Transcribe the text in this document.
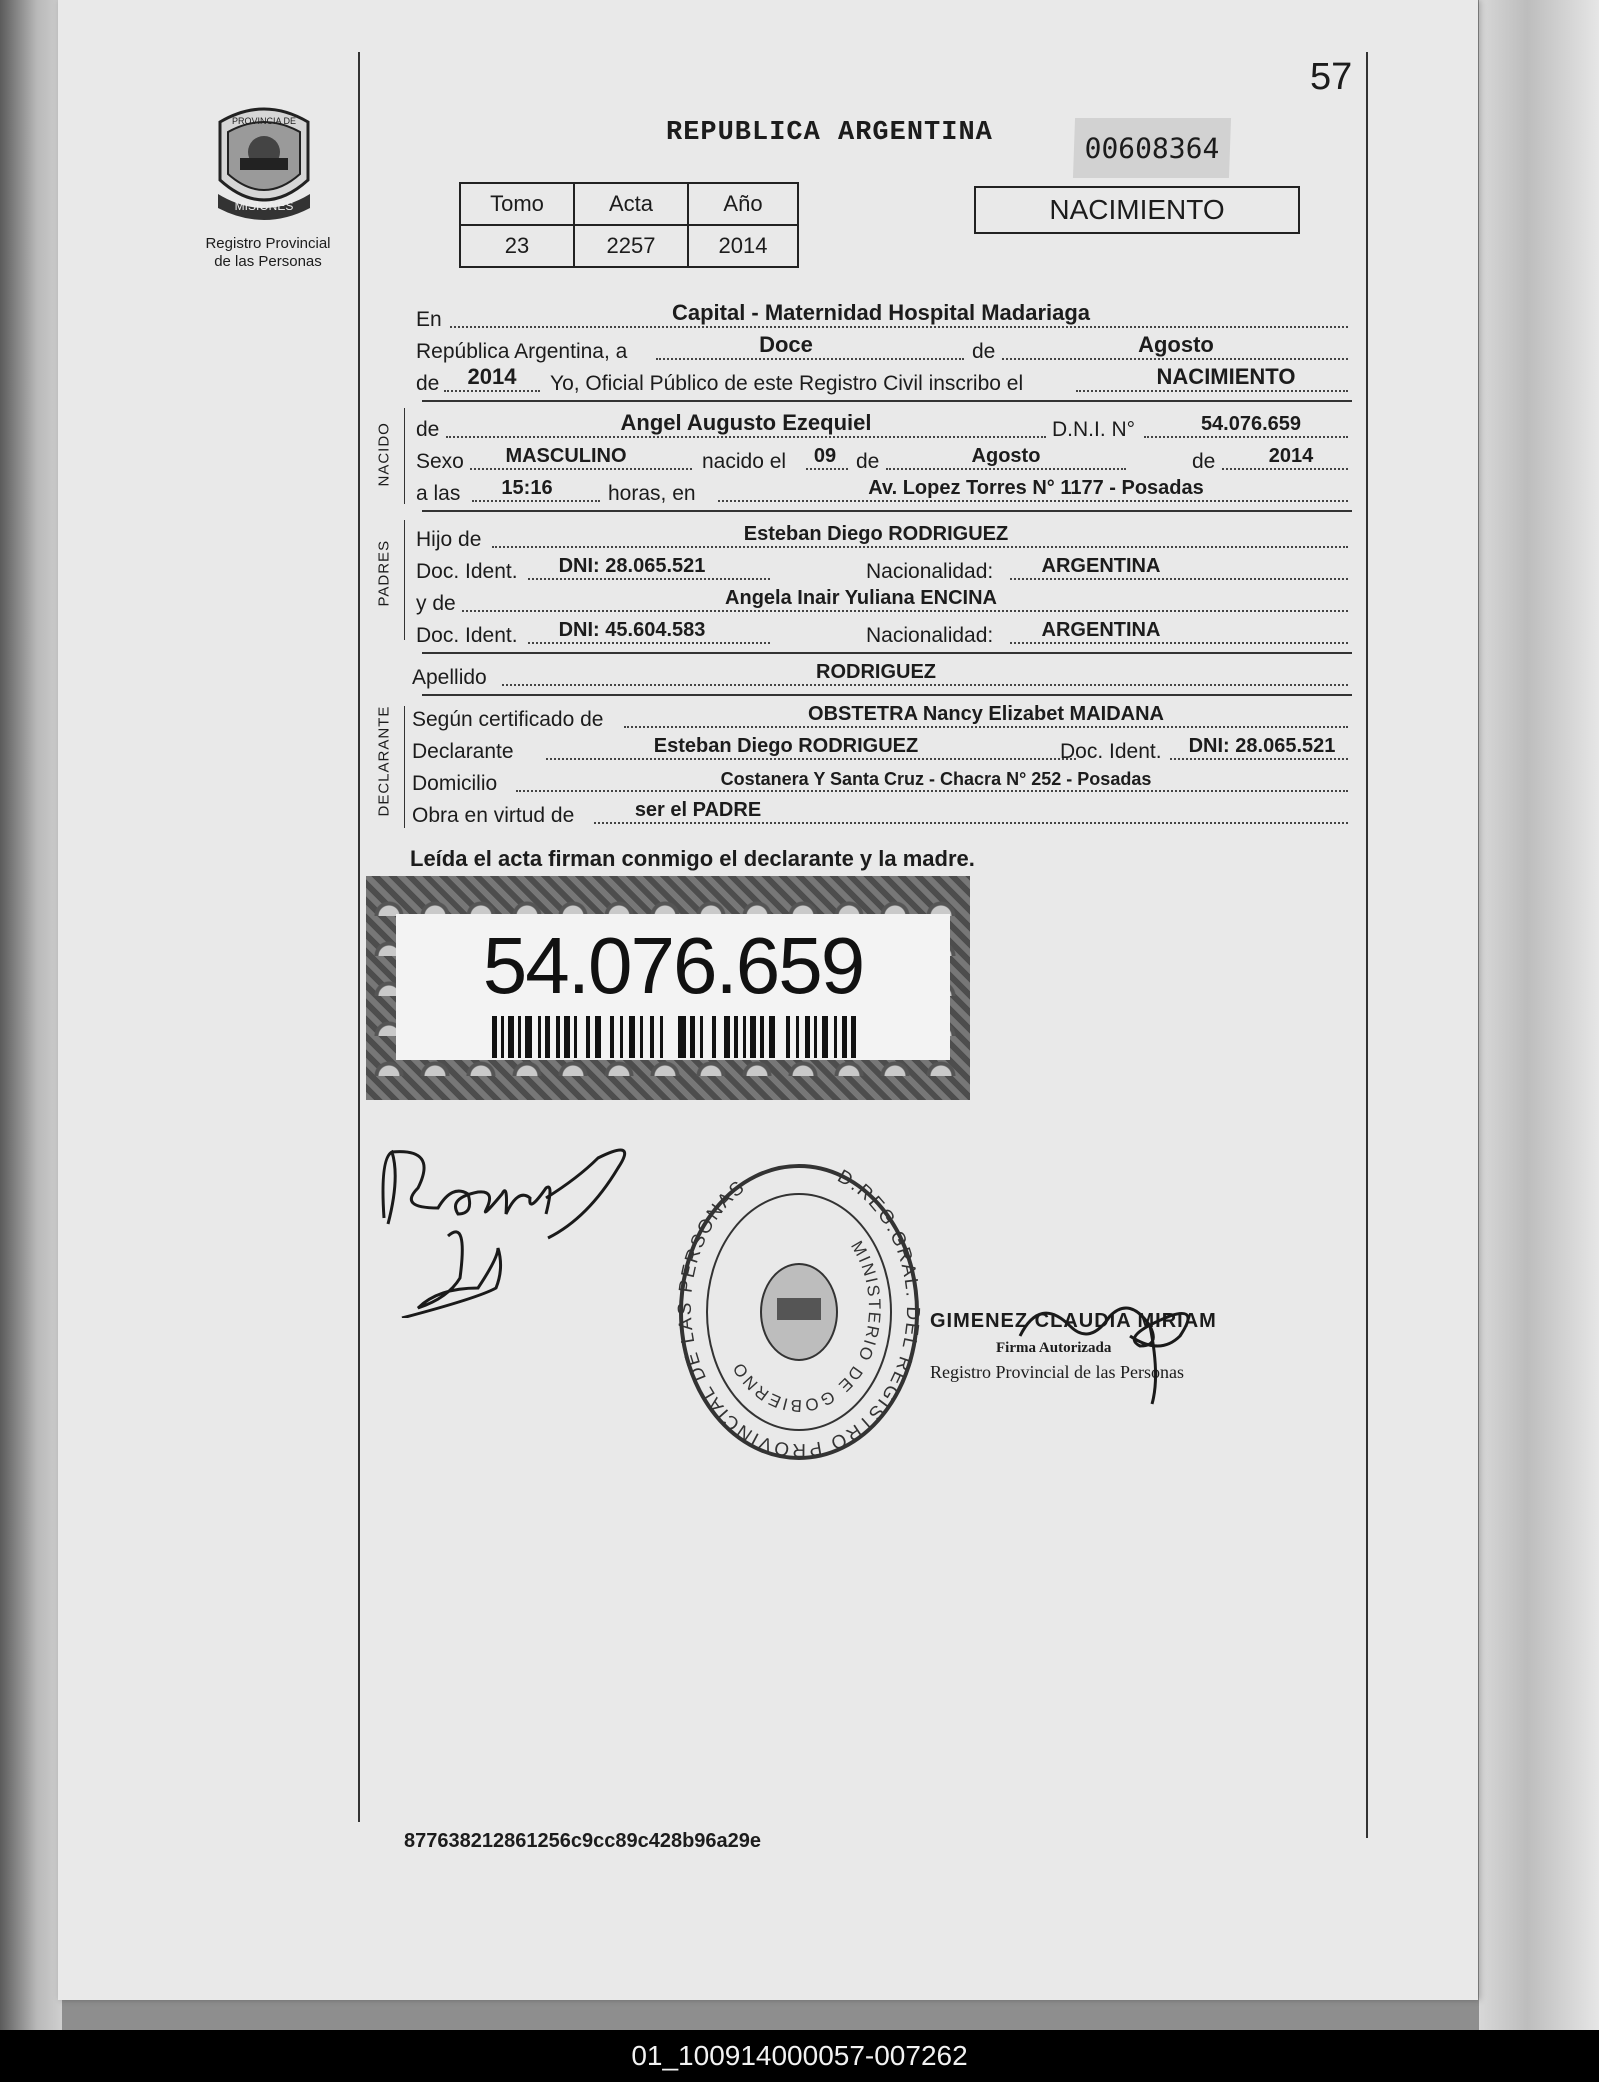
57
PROVINCIA DE
MISIONES
Registro Provincial
de las Personas
REPUBLICA ARGENTINA	00608364
Tomo	Acta	Año
23	2257	2014
NACIMIENTO
En	Capital - Maternidad Hospital Madariaga
República Argentina, a	Doce	de	Agosto
de	2014	Yo, Oficial Público de este Registro Civil inscribo el	NACIMIENTO
NACIDO de	Angel Augusto Ezequiel	D.N.I. N°	54.076.659
Sexo	MASCULINO	nacido el 09 de	Agosto	de	2014
a las	15:16	horas, en	Av. Lopez Torres N° 1177 - Posadas
PADRES
Hijo de	Esteban Diego RODRIGUEZ
Doc. Ident.	DNI: 28.065.521	Nacionalidad:	ARGENTINA
y de	Angela Inair Yuliana ENCINA
Doc. Ident.	DNI: 45.604.583	Nacionalidad:	ARGENTINA
Apellido	RODRIGUEZ
DECLARANTE Según certificado de	OBSTETRA Nancy Elizabet MAIDANA
Declarante	Esteban Diego RODRIGUEZ	Doc. Ident.	DNI: 28.065.521
Domicilio	Costanera Y Santa Cruz - Chacra N° 252 - Posadas
Obra en virtud de	ser el PADRE
Leída el acta firman conmigo el declarante y la madre.
54.076.659
D.REG.GRAL. DEL REGISTRO PROVINCIAL DE LAS PERSONAS
MINISTERIO DE GOBIERNO
GIMENEZ CLAUDIA MIRIAM
Firma Autorizada
Registro Provincial de las Personas
877638212861256c9cc89c428b96a29e
01_100914000057-007262
